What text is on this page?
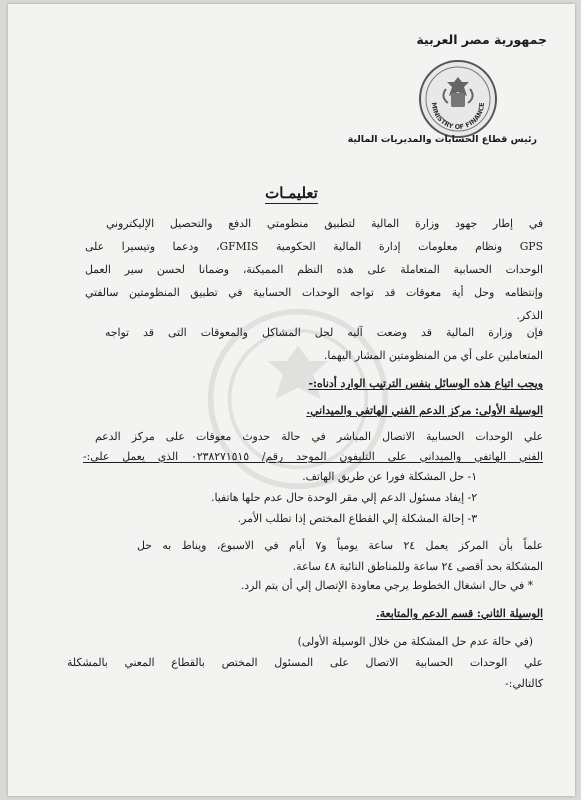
جمهورية مصر العربية
MINISTRY OF FINANCE
رئيس قطاع الحسابات والمديريات المالية
تعليمـات
في إطار جهود وزارة المالية لتطبيق منظومتي الدفع والتحصيل الإليكتروني
GPS ونظام معلومات إدارة المالية الحكومية GFMIS، ودعما وتيسيرا على
الوحدات الحسابية المتعاملة على هذه النظم المميكنة، وضمانا لحسن سير العمل
وإنتظامه وحل أية معوقات قد تواجه الوحدات الحسابية في تطبيق المنظومتين سالفتي
الذكر.
فإن وزارة المالية قد وضعت آليه لحل المشاكل والمعوقات التى قد تواجه
المتعاملين على أي من المنظومتين المشار اليهما.
ويجب اتباع هذه الوسائل بنفس الترتيب الوارد أدناه:-
الوسيلة الأولى: مركز الدعم الفني الهاتفي والميداني.
علي الوحدات الحسابية الاتصال المباشر في حالة حدوث معوقات على مركز الدعم
الفني الهاتفي والميداني على التليفون الموحد رقم/ ٠٢٣٨٢٧١٥١٥ الذي يعمل على:-
١- حل المشكلة فورا عن طريق الهاتف.
٢- إيفاد مسئول الدعم إلي مقر الوحدة حال عدم حلها هاتفيا.
٣- إحالة المشكلة إلي القطاع المختص إذا تطلب الأمر.
علماً بأن المركز يعمل ٢٤ ساعة يومياً و٧ أيام في الاسبوع، ويناط به حل
المشكلة بحد أقصى ٢٤ ساعة وللمناطق النائية ٤٨ ساعة.
* في حال انشغال الخطوط يرجي معاودة الإتصال إلي أن يتم الرد.
الوسيلة الثاني: قسم الدعم والمتابعة.
(في حالة عدم حل المشكلة من خلال الوسيلة الأولى)
علي الوحدات الحسابية الاتصال على المسئول المختص بالقطاع المعني بالمشكلة
كالتالي:-
